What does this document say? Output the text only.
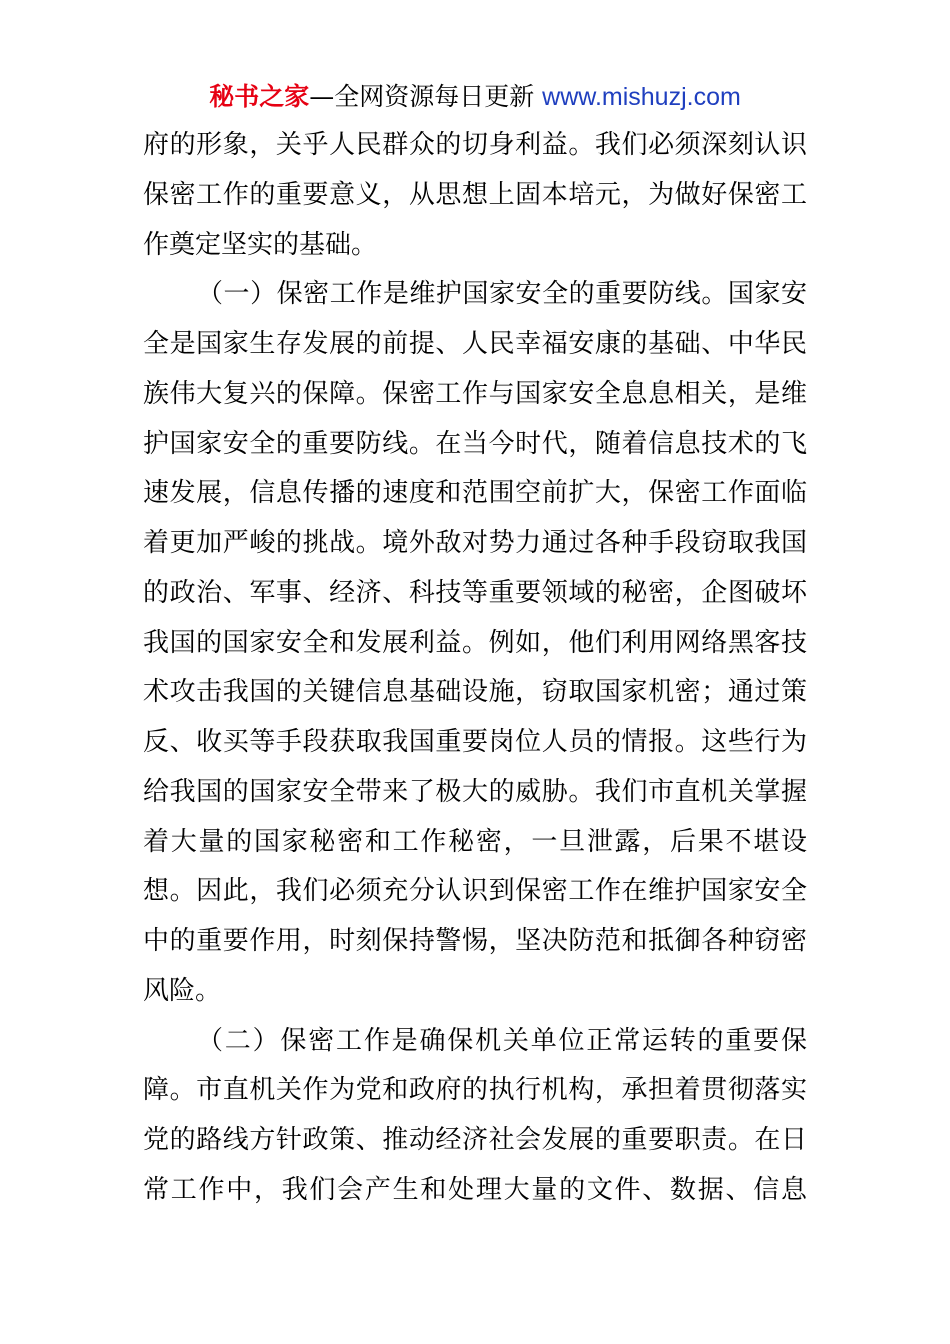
秘书之家—全网资源每日更新 www.mishuzj.com
府的形象，关乎人民群众的切身利益。我们必须深刻认识
保密工作的重要意义，从思想上固本培元，为做好保密工
作奠定坚实的基础。
（一）保密工作是维护国家安全的重要防线。国家安
全是国家生存发展的前提、人民幸福安康的基础、中华民
族伟大复兴的保障。保密工作与国家安全息息相关，是维
护国家安全的重要防线。在当今时代，随着信息技术的飞
速发展，信息传播的速度和范围空前扩大，保密工作面临
着更加严峻的挑战。境外敌对势力通过各种手段窃取我国
的政治、军事、经济、科技等重要领域的秘密，企图破坏
我国的国家安全和发展利益。例如，他们利用网络黑客技
术攻击我国的关键信息基础设施，窃取国家机密；通过策
反、收买等手段获取我国重要岗位人员的情报。这些行为
给我国的国家安全带来了极大的威胁。我们市直机关掌握
着大量的国家秘密和工作秘密，一旦泄露，后果不堪设
想。因此，我们必须充分认识到保密工作在维护国家安全
中的重要作用，时刻保持警惕，坚决防范和抵御各种窃密
风险。
（二）保密工作是确保机关单位正常运转的重要保
障。市直机关作为党和政府的执行机构，承担着贯彻落实
党的路线方针政策、推动经济社会发展的重要职责。在日
常工作中，我们会产生和处理大量的文件、数据、信息
